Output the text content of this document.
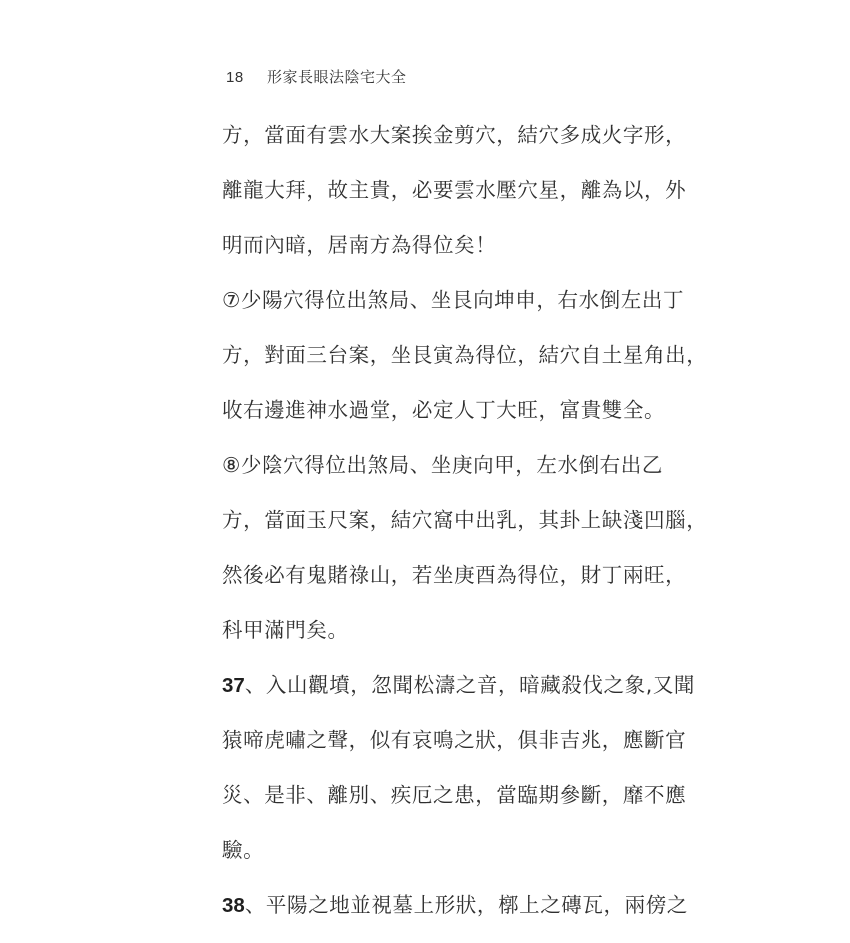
18 形家長眼法陰宅大全
方，當面有雲水大案挨金剪穴，結穴多成火字形，
離龍大拜，故主貴，必要雲水壓穴星，離為以，外
明而內暗，居南方為得位矣！
⑦少陽穴得位出煞局、坐艮向坤申，右水倒左出丁
方，對面三台案，坐艮寅為得位，結穴自土星角出，
收右邊進神水過堂，必定人丁大旺，富貴雙全。
⑧少陰穴得位出煞局、坐庚向甲，左水倒右出乙
方，當面玉尺案，結穴窩中出乳，其卦上缺淺凹腦，
然後必有鬼賭祿山，若坐庚酉為得位，財丁兩旺，
科甲滿門矣。
37、入山觀墳，忽聞松濤之音，暗藏殺伐之象,又聞
猿啼虎嘯之聲，似有哀鳴之狀，俱非吉兆，應斷官
災、是非、離別、疾厄之患，當臨期參斷，靡不應
驗。
38、平陽之地並視墓上形狀，槨上之磚瓦，兩傍之
